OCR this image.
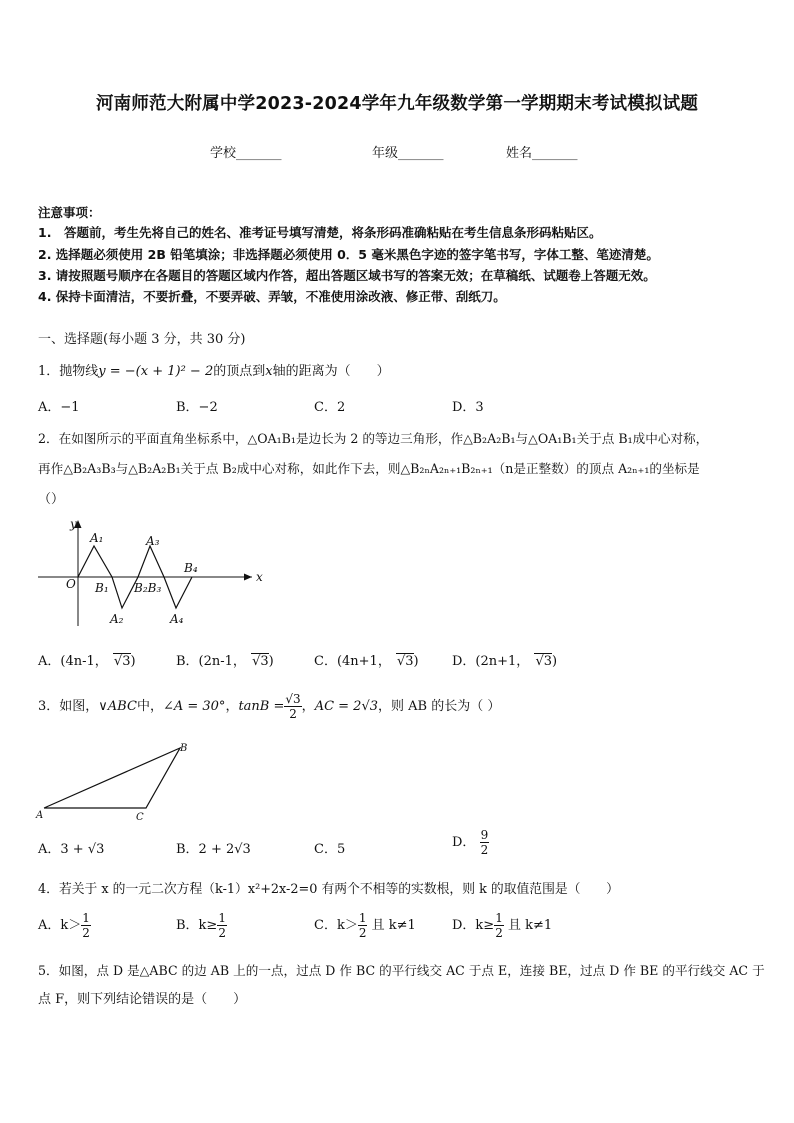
河南师范大附属中学2023-2024学年九年级数学第一学期期末考试模拟试题
学校_______	年级_______	姓名_______
注意事项：
1.　答题前，考生先将自己的姓名、准考证号填写清楚，将条形码准确粘贴在考生信息条形码粘贴区。
2. 选择题必须使用 2B 铅笔填涂；非选择题必须使用 0．5 毫米黑色字迹的签字笔书写，字体工整、笔迹清楚。
3. 请按照题号顺序在各题目的答题区域内作答，超出答题区域书写的答案无效；在草稿纸、试题卷上答题无效。
4. 保持卡面清洁，不要折叠，不要弄破、弄皱，不准使用涂改液、修正带、刮纸刀。
一、选择题(每小题 3 分，共 30 分)
1．抛物线y = −(x + 1)² − 2的顶点到x轴的距离为（　　）
A．−1	B．−2	C．2	D．3
2．在如图所示的平面直角坐标系中，△OA₁B₁是边长为 2 的等边三角形，作△B₂A₂B₁与△OA₁B₁关于点 B₁成中心对称，
再作△B₂A₃B₃与△B₂A₂B₁关于点 B₂成中心对称，如此作下去，则△B₂ₙA₂ₙ₊₁B₂ₙ₊₁（n是正整数）的顶点 A₂ₙ₊₁的坐标是
（）
y
x
O
A₁
B₁
A₂
A₃
B₂B₃
A₄
B₄
A．(4n-1， √3)	B．(2n-1， √3)	C．(4n+1， √3)	D．(2n+1， √3)
3．如图，∨ABC中，∠A = 30°，$\tan B = \frac{√3}{2}$ ，AC = 2√3，则 AB 的长为（ ）
A
B
C
A．3 + √3	B．2 + 2√3	C．5	D． $\frac{9}{2}$
4．若关于 x 的一元二次方程（k-1）x²+2x-2=0 有两个不相等的实数根，则 k 的取值范围是（　　）
A．$k> \frac{1}{2}$	B．$k\ge \frac{1}{2}$	C．$k> \frac{1}{2}$ 且 k≠1	D．$k\ge \frac{1}{2}$ 且 k≠1
5．如图，点 D 是△ABC 的边 AB 上的一点，过点 D 作 BC 的平行线交 AC 于点 E，连接 BE，过点 D 作 BE 的平行线交 AC 于
点 F，则下列结论错误的是（　　）
